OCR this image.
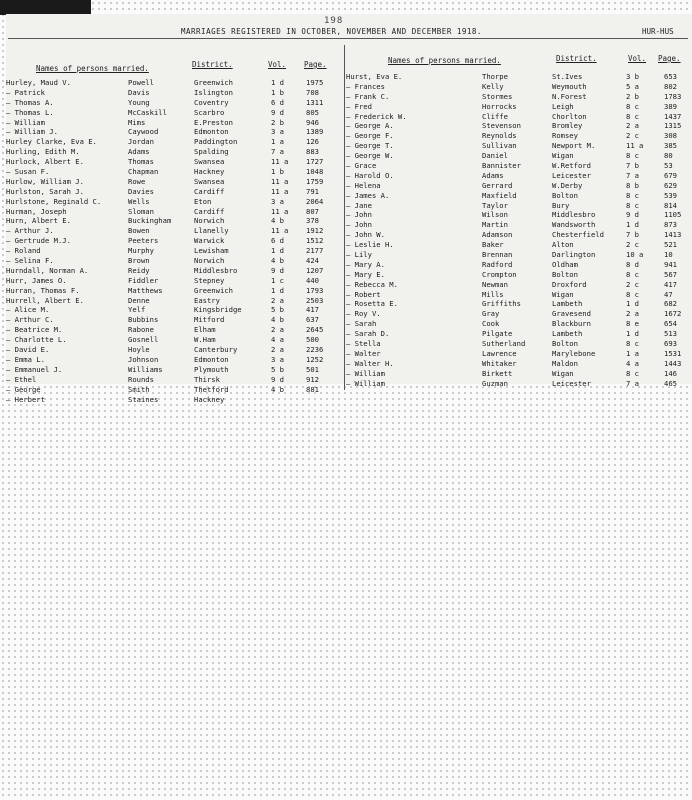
198
MARRIAGES REGISTERED IN OCTOBER, NOVEMBER AND DECEMBER 1918.	HUR-HUS
Names of persons married.	District.	Vol. Page.
Hurley, Maud V.	Powell	Greenwich	1 d	1975
— Patrick	Davis	Islington	1 b	708
— Thomas A.	Young	Coventry	6 d	1311
— Thomas L.	McCaskill	Scarbro	9 d	805
— William	Mims	E.Preston	2 b	946
— William J.	Caywood	Edmonton	3 a	1389
Hurley Clarke, Eva E.	Jordan	Paddington	1 a	126
Hurling, Edith M.	Adams	Spalding	7 a	883
Hurlock, Albert E.	Thomas	Swansea	11 a 1727
— Susan F.	Chapman	Hackney	1 b	1048
Hurlow, William J.	Rowe	Swansea	11 a 1759
Hurlston, Sarah J.	Davies	Cardiff	11 a 791
Hurlstone, Reginald C.	Wells	Eton	3 a	2064
Hurman, Joseph	Sloman	Cardiff	11 a 807
Hurn, Albert E.	Buckingham	Norwich	4 b	378
— Arthur J.	Bowen	Llanelly	11 a 1912
— Gertrude M.J.	Peeters	Warwick	6 d	1512
— Roland	Murphy	Lewisham	1 d	2177
— Selina F.	Brown	Norwich	4 b	424
Hurndall, Norman A.	Reidy	Middlesbro	9 d	1207
Hurr, James O.	Fiddler	Stepney	1 c	440
Hurran, Thomas F.	Matthews	Greenwich	1 d	1793
Hurrell, Albert E.	Denne	Eastry	2 a	2503
— Alice M.	Yelf	Kingsbridge	5 b	417
— Arthur C.	Bubbins	Mitford	4 b	637
— Beatrice M.	Rabone	Elham	2 a	2645
— Charlotte L.	Gosnell	W.Ham	4 a	500
— David E.	Hoyle	Canterbury	2 a	2236
— Emma L.	Johnson	Edmonton	3 a	1252
— Emmanuel J.	Williams	Plymouth	5 b	501
— Ethel	Rounds	Thirsk	9 d	912
— George	Smith	Thetford	4 b	881
— Herbert	Staines	Hackney
Names of persons married.	District.	Vol. Page.
Hurst, Eva E.	Thorpe	St.Ives	3 b	653
— Frances	Kelly	Weymouth	5 a	802
— Frank C.	Stormes	N.Forest	2 b	1783
— Fred	Horrocks	Leigh	8 c	389
— Frederick W.	Cliffe	Chorlton	8 c	1437
— George A.	Stevenson	Bromley	2 a	1315
— George F.	Reynolds	Romsey	2 c	308
— George T.	Sullivan	Newport M.	11 a	385
— George W.	Daniel	Wigan	8 c	80
— Grace	Bannister	W.Retford	7 b	53
— Harold O.	Adams	Leicester	7 a	679
— Helena	Gerrard	W.Derby	8 b	629
— James A.	Maxfield	Bolton	8 c	539
— Jane	Taylor	Bury	8 c	814
— John	Wilson	Middlesbro	9 d	1105
— John	Martin	Wandsworth	1 d	873
— John W.	Adamson	Chesterfield	7 b	1413
— Leslie H.	Baker	Alton	2 c	521
— Lily	Brennan	Darlington	10 a	10
— Mary A.	Radford	Oldham	8 d	941
— Mary E.	Crompton	Bolton	8 c	567
— Rebecca M.	Newman	Droxford	2 c	417
— Robert	Mills	Wigan	8 c	47
— Rosetta E.	Griffiths	Lambeth	1 d	682
— Roy V.	Gray	Gravesend	2 a	1672
— Sarah	Cook	Blackburn	8 e	654
— Sarah D.	Pilgate	Lambeth	1 d	513
— Stella	Sutherland	Bolton	8 c	693
— Walter	Lawrence	Marylebone	1 a	1531
— Walter H.	Whitaker	Maldon	4 a	1443
— William	Birkett	Wigan	8 c	146
— William	Guzman	Leicester	7 a	465
